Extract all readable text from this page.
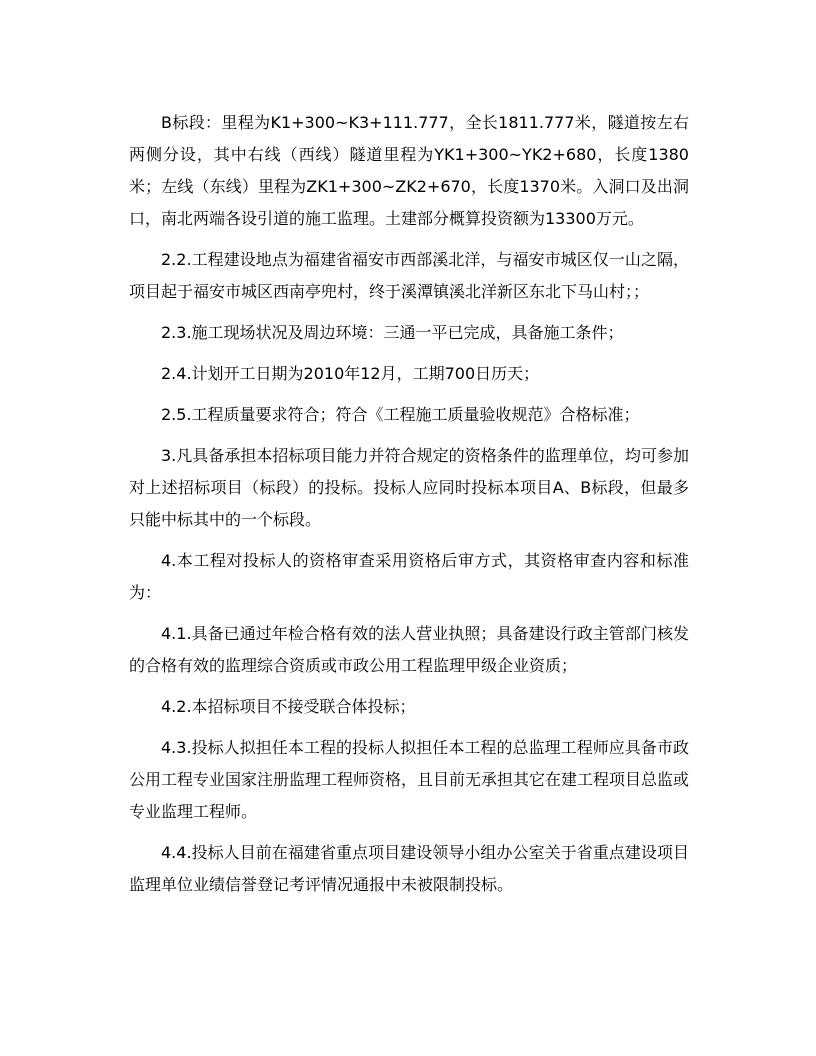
B标段：里程为K1+300~K3+111.777，全长1811.777米，隧道按左右两侧分设，其中右线（西线）隧道里程为YK1+300~YK2+680，长度1380米；左线（东线）里程为ZK1+300~ZK2+670，长度1370米。入洞口及出洞口，南北两端各设引道的施工监理。土建部分概算投资额为13300万元。

2.2.工程建设地点为福建省福安市西部溪北洋，与福安市城区仅一山之隔，项目起于福安市城区西南亭兜村，终于溪潭镇溪北洋新区东北下马山村；；

2.3.施工现场状况及周边环境：三通一平已完成，具备施工条件；

2.4.计划开工日期为2010年12月，工期700日历天；

2.5.工程质量要求符合；符合《工程施工质量验收规范》合格标准；

3.凡具备承担本招标项目能力并符合规定的资格条件的监理单位，均可参加对上述招标项目（标段）的投标。投标人应同时投标本项目A、B标段，但最多只能中标其中的一个标段。

4.本工程对投标人的资格审查采用资格后审方式，其资格审查内容和标准为：

4.1.具备已通过年检合格有效的法人营业执照；具备建设行政主管部门核发的合格有效的监理综合资质或市政公用工程监理甲级企业资质；

4.2.本招标项目不接受联合体投标；

4.3.投标人拟担任本工程的投标人拟担任本工程的总监理工程师应具备市政公用工程专业国家注册监理工程师资格，且目前无承担其它在建工程项目总监或专业监理工程师。

4.4.投标人目前在福建省重点项目建设领导小组办公室关于省重点建设项目监理单位业绩信誉登记考评情况通报中未被限制投标。
